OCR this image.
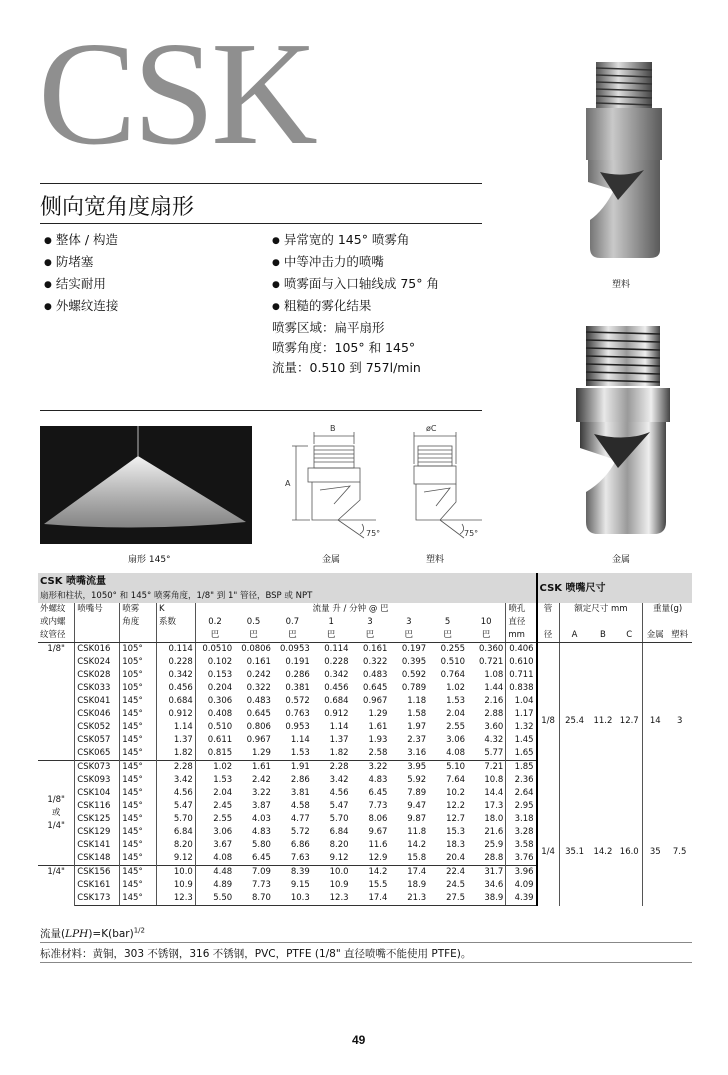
CSK
侧向宽角度扇形
● 整体 / 构造
● 防堵塞
● 结实耐用
● 外螺纹连接
● 异常宽的 145° 喷雾角
● 中等冲击力的喷嘴
● 喷雾面与入口轴线成 75° 角
● 粗糙的雾化结果
喷雾区域：扁平扇形
喷雾角度：105° 和 145°
流量：0.510 到 757l/min
塑料
扇形 145°
B
A
75°
金属
øC
75°
塑料	金属
CSK 喷嘴流量													CSK 喷嘴尺寸					
扇形和柱状，1050° 和 145° 喷雾角度，1/8" 到 1" 管径，BSP 或 NPT																		
外螺纹	喷嘴号	喷雾	K	流量 升 / 分钟 @ 巴								喷孔	管	额定尺寸 mm			重量(g)	
或内螺		角度	系数	0.2	0.5	0.7	1	3	3	5	10	直径						
纹管径				巴	巴	巴	巴	巴	巴	巴	巴	mm	径	A	B	C	金属	塑料
1/8"	CSK016	105°	0.114	0.0510	0.0806	0.0953	0.114	0.161	0.197	0.255	0.360	0.406	1/8	25.4	11.2	12.7	14	3
	CSK024	105°	0.228	0.102	0.161	0.191	0.228	0.322	0.395	0.510	0.721	0.610						
	CSK028	105°	0.342	0.153	0.242	0.286	0.342	0.483	0.592	0.764	1.08	0.711						
	CSK033	105°	0.456	0.204	0.322	0.381	0.456	0.645	0.789	1.02	1.44	0.838						
	CSK041	145°	0.684	0.306	0.483	0.572	0.684	0.967	1.18	1.53	2.16	1.04						
	CSK046	145°	0.912	0.408	0.645	0.763	0.912	1.29	1.58	2.04	2.88	1.17						
	CSK052	145°	1.14	0.510	0.806	0.953	1.14	1.61	1.97	2.55	3.60	1.32						
	CSK057	145°	1.37	0.611	0.967	1.14	1.37	1.93	2.37	3.06	4.32	1.45						
	CSK065	145°	1.82	0.815	1.29	1.53	1.82	2.58	3.16	4.08	5.77	1.65						

1/8"
或
1/4"	CSK073	145°	2.28	1.02	1.61	1.91	2.28	3.22	3.95	5.10	7.21	1.85						
	CSK093	145°	3.42	1.53	2.42	2.86	3.42	4.83	5.92	7.64	10.8	2.36						
	CSK104	145°	4.56	2.04	3.22	3.81	4.56	6.45	7.89	10.2	14.4	2.64						
	CSK116	145°	5.47	2.45	3.87	4.58	5.47	7.73	9.47	12.2	17.3	2.95	1/4	35.1	14.2	16.0	35	7.5
	CSK125	145°	5.70	2.55	4.03	4.77	5.70	8.06	9.87	12.7	18.0	3.18						
	CSK129	145°	6.84	3.06	4.83	5.72	6.84	9.67	11.8	15.3	21.6	3.28						
	CSK141	145°	8.20	3.67	5.80	6.86	8.20	11.6	14.2	18.3	25.9	3.58						
	CSK148	145°	9.12	4.08	6.45	7.63	9.12	12.9	15.8	20.4	28.8	3.76						
1/4"	CSK156	145°	10.0	4.48	7.09	8.39	10.0	14.2	17.4	22.4	31.7	3.96						
	CSK161	145°	10.9	4.89	7.73	9.15	10.9	15.5	18.9	24.5	34.6	4.09						
	CSK173	145°	12.3	5.50	8.70	10.3	12.3	17.4	21.3	27.5	38.9	4.39						
流量(LPH)=K(bar)$^{1/2}$
标准材料：黄铜，303 不锈钢，316 不锈钢，PVC，PTFE (1/8" 直径喷嘴不能使用 PTFE)。
49
